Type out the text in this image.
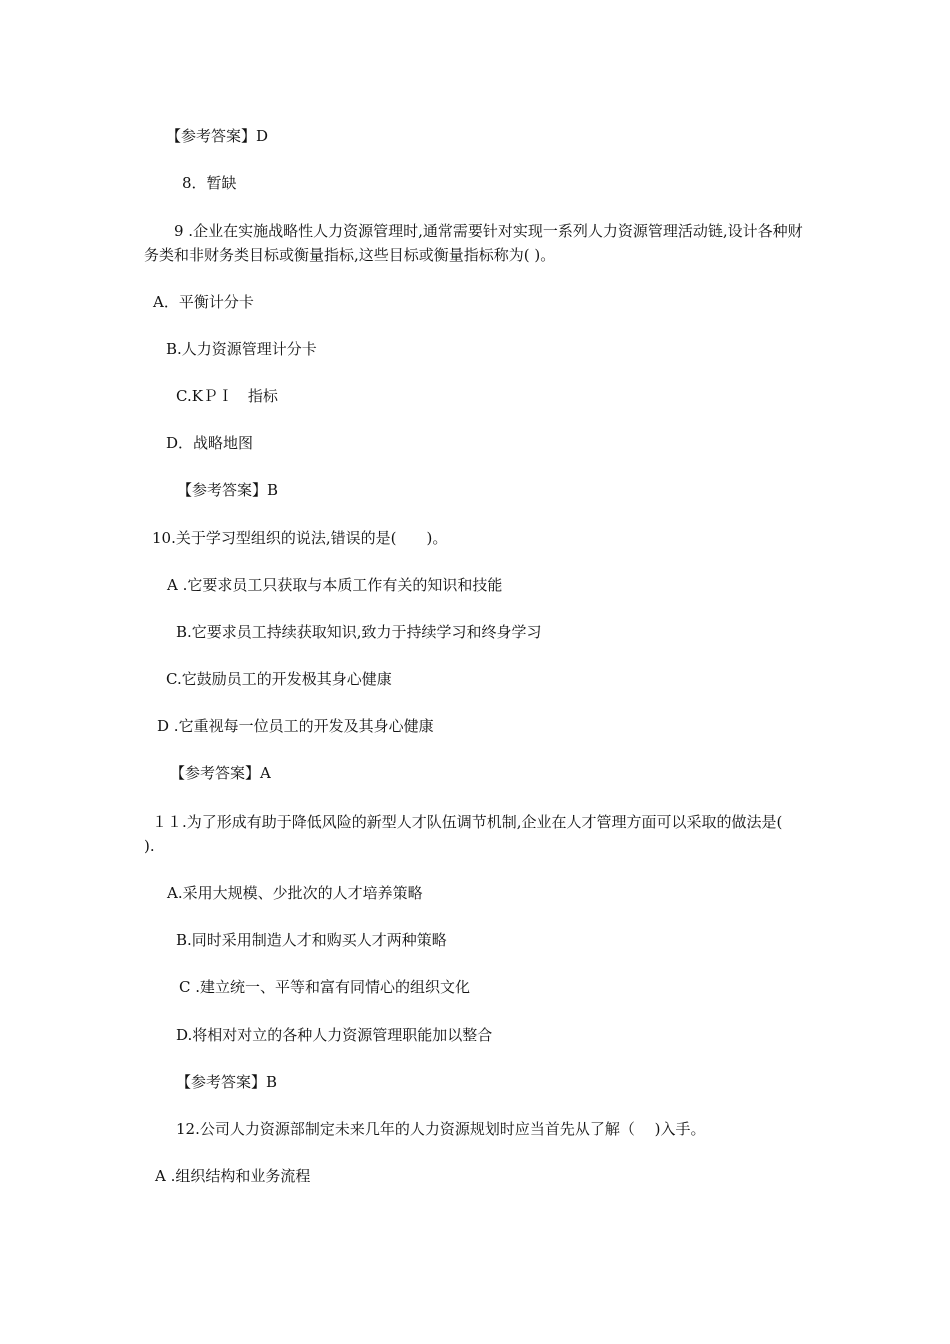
【参考答案】D

8．暂缺

9 .企业在实施战略性人力资源管理时,通常需要针对实现一系列人力资源管理活动链,设计各种财务类和非财务类目标或衡量指标,这些目标或衡量指标称为( )。

A．平衡计分卡

B.人力资源管理计分卡

C.KＰＩ　指标

D．战略地图

【参考答案】B

10.关于学习型组织的说法,错误的是(　　)。

A .它要求员工只获取与本质工作有关的知识和技能

B.它要求员工持续获取知识,致力于持续学习和终身学习

C.它鼓励员工的开发极其身心健康

D .它重视每一位员工的开发及其身心健康

【参考答案】A

１１.为了形成有助于降低风险的新型人才队伍调节机制,企业在人才管理方面可以采取的做法是(　 ).

A.采用大规模、少批次的人才培养策略

B.同时采用制造人才和购买人才两种策略

C .建立统一、平等和富有同情心的组织文化

D.将相对对立的各种人力资源管理职能加以整合

【参考答案】B

12.公司人力资源部制定未来几年的人力资源规划时应当首先从了解（　 )入手。

A .组织结构和业务流程
